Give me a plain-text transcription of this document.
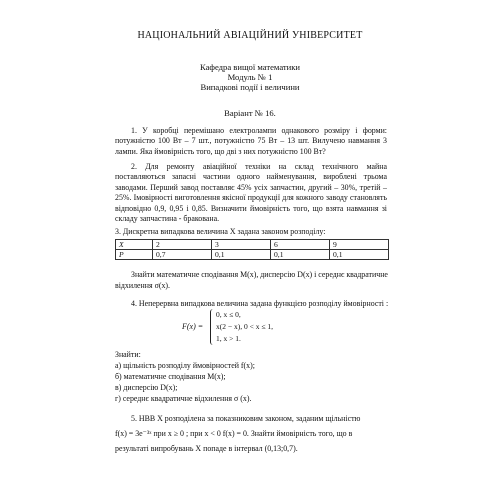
НАЦІОНАЛЬНИЙ АВІАЦІЙНИЙ УНІВЕРСИТЕТ
Кафедра вищої математики
Модуль № 1
Випадкові події і величини
Варіант № 16.
1. У коробці перемішано електролампи однакового розміру і форми: потужністю 100 Вт – 7 шт., потужністю 75 Вт – 13 шт. Вилучено навмання 3 лампи. Яка ймовірність того, що дві з них потужністю 100 Вт?
2. Для ремонту авіаційної техніки на склад технічного майна поставляються запасні частини одного найменування, вироблені трьома заводами. Перший завод поставляє 45% усіх запчастин, другий – 30%, третій – 25%. Імовірності виготовлення якісної продукції для кожного заводу становлять відповідно 0,9, 0,95 і 0,85. Визначити ймовірність того, що взята навмання зі складу запчастина - бракована.
3. Дискретна випадкова величина X задана законом розподілу:
X	2	3	6	9
P	0,7	0,1	0,1	0,1
Знайти математичне сподівання M(x), дисперсію D(x) і середнє квадратичне
відхилення σ(x).
4. Неперервна випадкова величина задана функцією розподілу ймовірності :
F(x) =
0, x ≤ 0,
x(2 − x), 0 < x ≤ 1,
1, x > 1.
Знайти:
а) щільність розподілу ймовірностей f(x);
б) математичне сподівання M(x);
в) дисперсію D(x);
г) середнє квадратичне відхилення σ (x).
5. НВВ X розподілена за показниковим законом, заданим щільністю
f(x) = 3e⁻³ˣ при x ≥ 0 ; при x < 0 f(x) = 0. Знайти ймовірність того, що в
результаті випробувань X попаде в інтервал (0,13;0,7).
